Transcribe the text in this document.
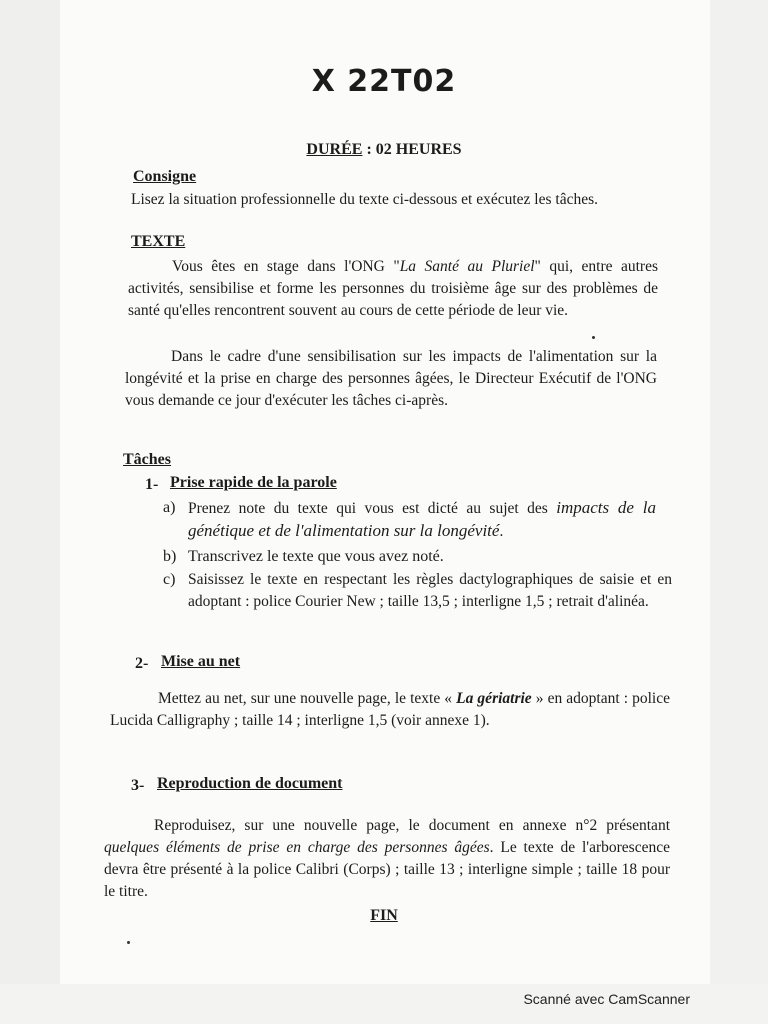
X 22T02
DURÉE : 02 HEURES
Consigne
Lisez la situation professionnelle du texte ci-dessous et exécutez les tâches.
TEXTE
Vous êtes en stage dans l'ONG "La Santé au Pluriel" qui, entre autres activités, sensibilise et forme les personnes du troisième âge sur des problèmes de santé qu'elles rencontrent souvent au cours de cette période de leur vie.
Dans le cadre d'une sensibilisation sur les impacts de l'alimentation sur la longévité et la prise en charge des personnes âgées, le Directeur Exécutif de l'ONG vous demande ce jour d'exécuter les tâches ci-après.
Tâches
1- Prise rapide de la parole
a) Prenez note du texte qui vous est dicté au sujet des impacts de la génétique et de l'alimentation sur la longévité.
b) Transcrivez le texte que vous avez noté.
c) Saisissez le texte en respectant les règles dactylographiques de saisie et en adoptant : police Courier New ; taille 13,5 ; interligne 1,5 ; retrait d'alinéa.
2- Mise au net
Mettez au net, sur une nouvelle page, le texte « La gériatrie » en adoptant : police Lucida Calligraphy ; taille 14 ; interligne 1,5 (voir annexe 1).
3- Reproduction de document
Reproduisez, sur une nouvelle page, le document en annexe n°2 présentant quelques éléments de prise en charge des personnes âgées. Le texte de l'arborescence devra être présenté à la police Calibri (Corps) ; taille 13 ; interligne simple ; taille 18 pour le titre.
FIN
Scanné avec CamScanner
